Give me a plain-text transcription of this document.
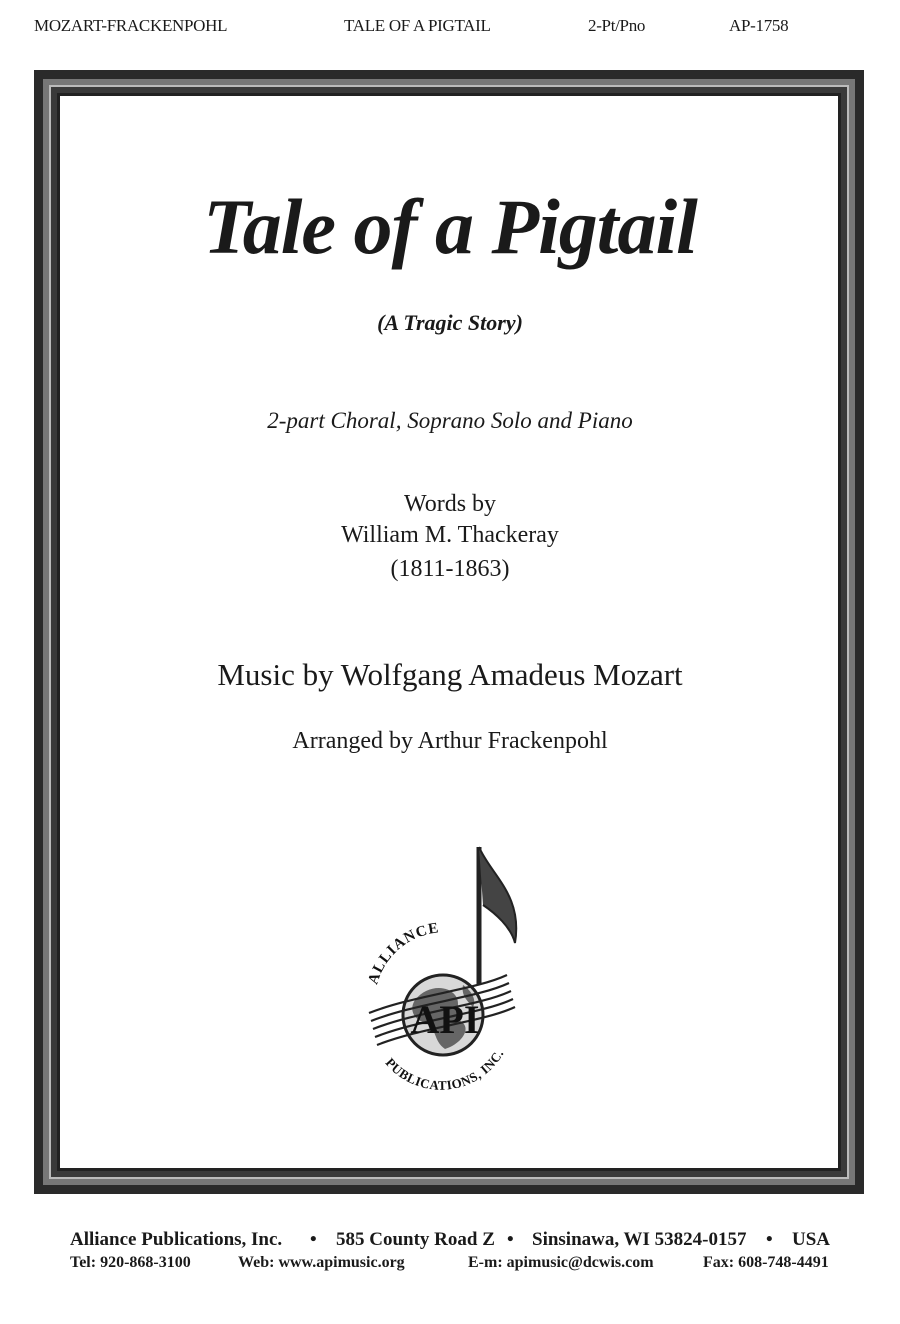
MOZART-FRACKENPOHL	TALE OF A PIGTAIL	2-Pt/Pno	AP-1758
Tale of a Pigtail
(A Tragic Story)
2-part Choral, Soprano Solo and Piano
Words by
William M. Thackeray
(1811-1863)
Music by Wolfgang Amadeus Mozart
Arranged by Arthur Frackenpohl
API
ALLIANCE
PUBLICATIONS, INC.
Alliance Publications, Inc. • 585 County Road Z • Sinsinawa, WI 53824-0157 • USA
Tel: 920-868-3100	Web: www.apimusic.org	E-m: apimusic@dcwis.com	Fax: 608-748-4491
